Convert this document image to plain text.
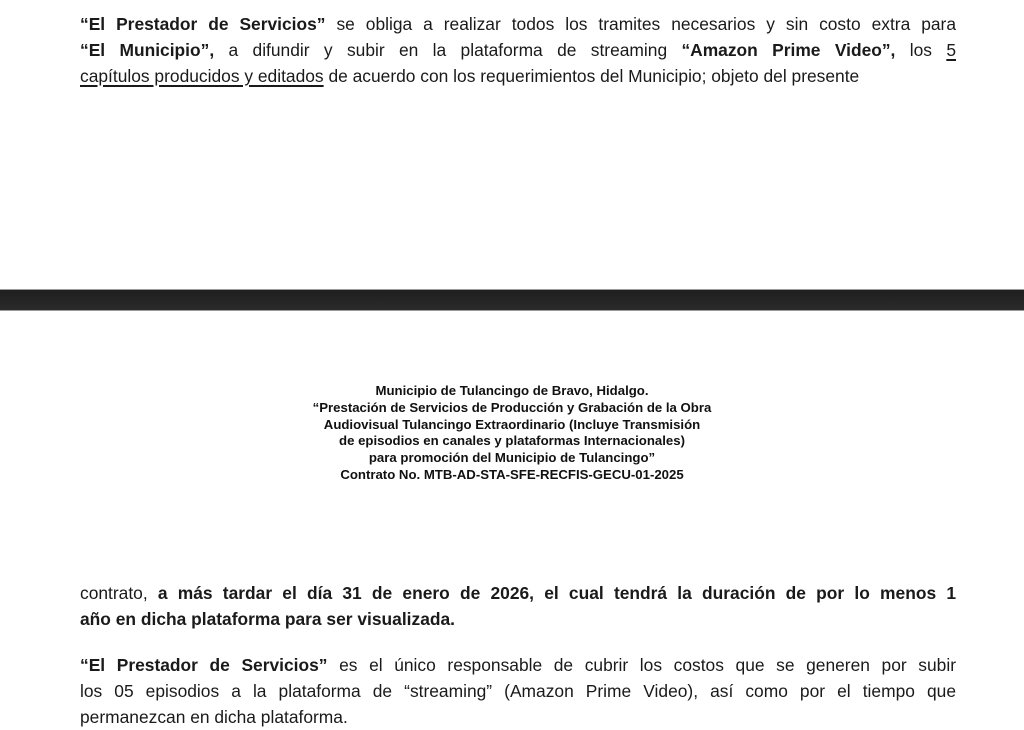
“El Prestador de Servicios” se obliga a realizar todos los tramites necesarios y sin costo extra para
“El Municipio”, a difundir y subir en la plataforma de streaming “Amazon Prime Video”, los 5
capítulos producidos y editados de acuerdo con los requerimientos del Municipio; objeto del presente
Municipio de Tulancingo de Bravo, Hidalgo.
“Prestación de Servicios de Producción y Grabación de la Obra
Audiovisual Tulancingo Extraordinario (Incluye Transmisión
de episodios en canales y plataformas Internacionales)
para promoción del Municipio de Tulancingo”
Contrato No. MTB-AD-STA-SFE-RECFIS-GECU-01-2025
contrato, a más tardar el día 31 de enero de 2026, el cual tendrá la duración de por lo menos 1
año en dicha plataforma para ser visualizada.
“El Prestador de Servicios” es el único responsable de cubrir los costos que se generen por subir
los 05 episodios a la plataforma de “streaming” (Amazon Prime Video), así como por el tiempo que
permanezcan en dicha plataforma.
